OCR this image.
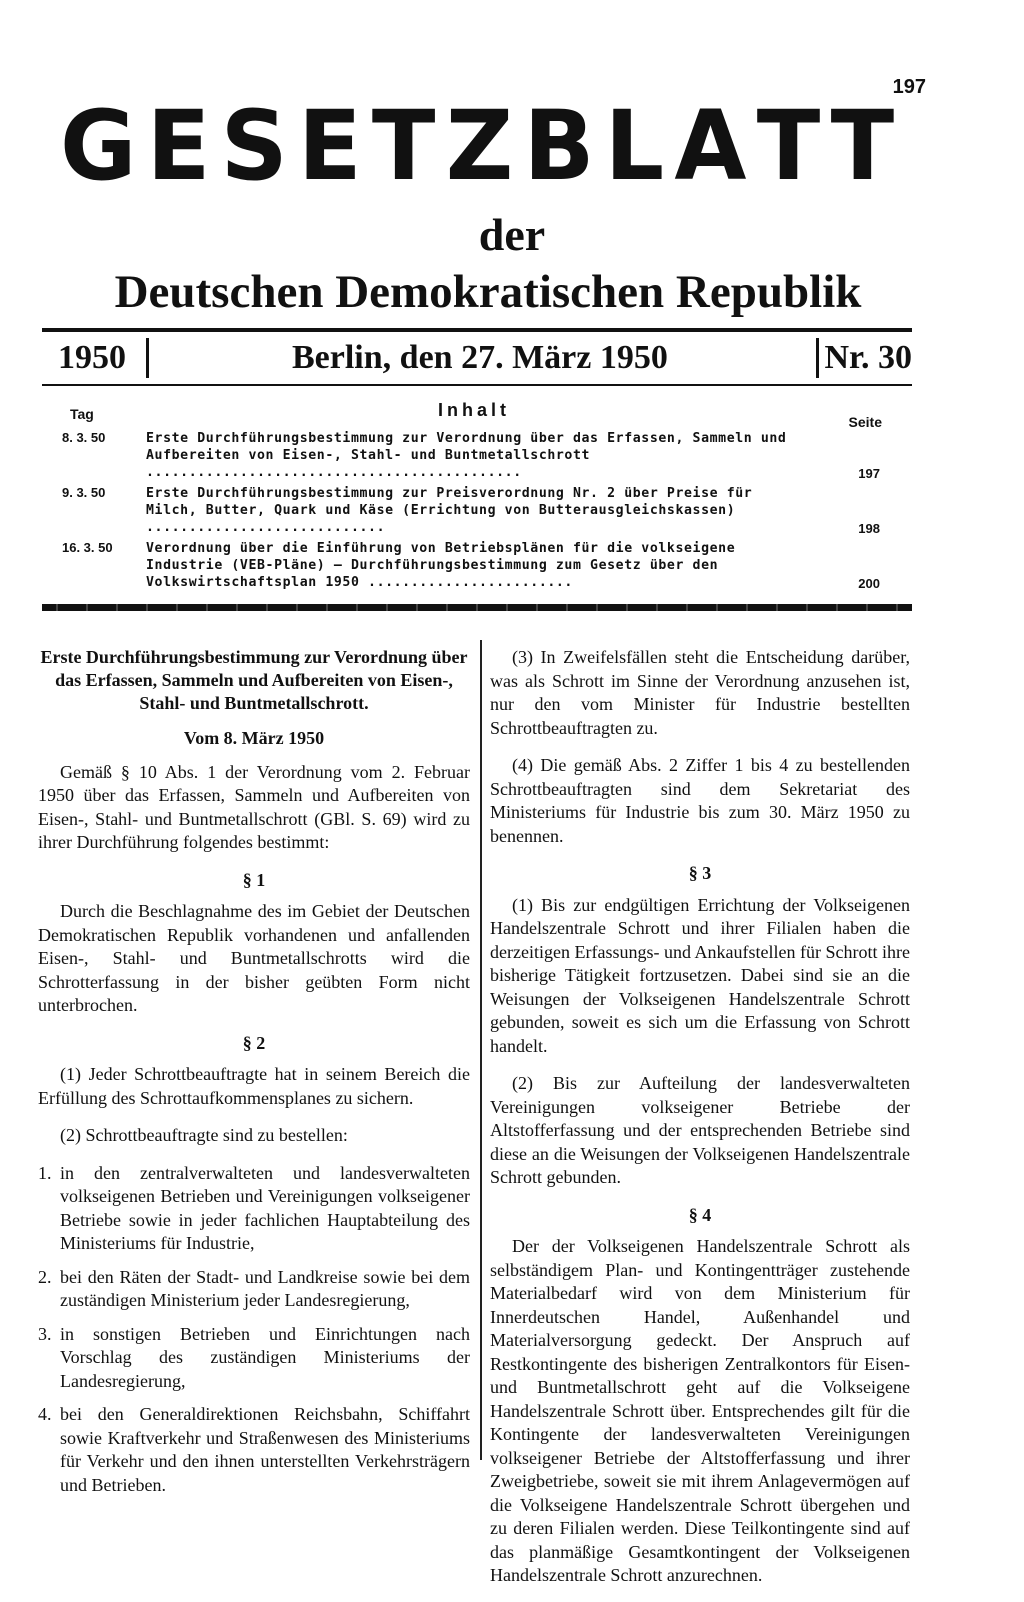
197
G E S E T Z B L A T T
der
Deutschen Demokratischen Republik
1950	Berlin, den 27. März 1950	Nr. 30
Tag	Inhalt
Seite
8. 3. 50	Erste Durchführungsbestimmung zur Verordnung über das Erfassen, Sammeln und Aufbereiten von Eisen-, Stahl- und Buntmetallschrott ............................................	197
9. 3. 50	Erste Durchführungsbestimmung zur Preisverordnung Nr. 2 über Preise für Milch, Butter, Quark und Käse (Errichtung von Butterausgleichskassen) ............................	198
16. 3. 50	Verordnung über die Einführung von Betriebsplänen für die volkseigene Industrie (VEB-Pläne) — Durchführungsbestimmung zum Gesetz über den Volkswirtschaftsplan 1950 ........................	200
Erste Durchführungsbestimmung zur Verordnung über das Erfassen, Sammeln und Aufbereiten von Eisen-, Stahl- und Buntmetallschrott.
Vom 8. März 1950

Gemäß § 10 Abs. 1 der Verordnung vom 2. Februar 1950 über das Erfassen, Sammeln und Aufbereiten von Eisen-, Stahl- und Buntmetallschrott (GBl. S. 69) wird zu ihrer Durchführung folgendes bestimmt:

§ 1

Durch die Beschlagnahme des im Gebiet der Deutschen Demokratischen Republik vorhandenen und anfallenden Eisen-, Stahl- und Buntmetallschrotts wird die Schrotterfassung in der bisher geübten Form nicht unterbrochen.

§ 2

(1) Jeder Schrottbeauftragte hat in seinem Bereich die Erfüllung des Schrottaufkommensplanes zu sichern.

(2) Schrottbeauftragte sind zu bestellen:

1. in den zentralverwalteten und landesverwalteten volkseigenen Betrieben und Vereinigungen volkseigener Betriebe sowie in jeder fachlichen Hauptabteilung des Ministeriums für Industrie,
2. bei den Räten der Stadt- und Landkreise sowie bei dem zuständigen Ministerium jeder Landesregierung,
3. in sonstigen Betrieben und Einrichtungen nach Vorschlag des zuständigen Ministeriums der Landesregierung,
4. bei den Generaldirektionen Reichsbahn, Schiffahrt sowie Kraftverkehr und Straßenwesen des Ministeriums für Verkehr und den ihnen unterstellten Verkehrsträgern und Betrieben.

(3) In Zweifelsfällen steht die Entscheidung darüber, was als Schrott im Sinne der Verordnung anzusehen ist, nur den vom Minister für Industrie bestellten Schrottbeauftragten zu.

(4) Die gemäß Abs. 2 Ziffer 1 bis 4 zu bestellenden Schrottbeauftragten sind dem Sekretariat des Ministeriums für Industrie bis zum 30. März 1950 zu benennen.

§ 3

(1) Bis zur endgültigen Errichtung der Volkseigenen Handelszentrale Schrott und ihrer Filialen haben die derzeitigen Erfassungs- und Ankaufstellen für Schrott ihre bisherige Tätigkeit fortzusetzen. Dabei sind sie an die Weisungen der Volkseigenen Handelszentrale Schrott gebunden, soweit es sich um die Erfassung von Schrott handelt.

(2) Bis zur Aufteilung der landesverwalteten Vereinigungen volkseigener Betriebe der Altstofferfassung und der entsprechenden Betriebe sind diese an die Weisungen der Volkseigenen Handelszentrale Schrott gebunden.

§ 4

Der der Volkseigenen Handelszentrale Schrott als selbständigem Plan- und Kontingentträger zustehende Materialbedarf wird von dem Ministerium für Innerdeutschen Handel, Außenhandel und Materialversorgung gedeckt. Der Anspruch auf Restkontingente des bisherigen Zentralkontors für Eisen- und Buntmetallschrott geht auf die Volkseigene Handelszentrale Schrott über. Entsprechendes gilt für die Kontingente der landesverwalteten Vereinigungen volkseigener Betriebe der Altstofferfassung und ihrer Zweigbetriebe, soweit sie mit ihrem Anlagevermögen auf die Volkseigene Handelszentrale Schrott übergehen und zu deren Filialen werden. Diese Teilkontingente sind auf das planmäßige Gesamtkontingent der Volkseigenen Handelszentrale Schrott anzurechnen.
